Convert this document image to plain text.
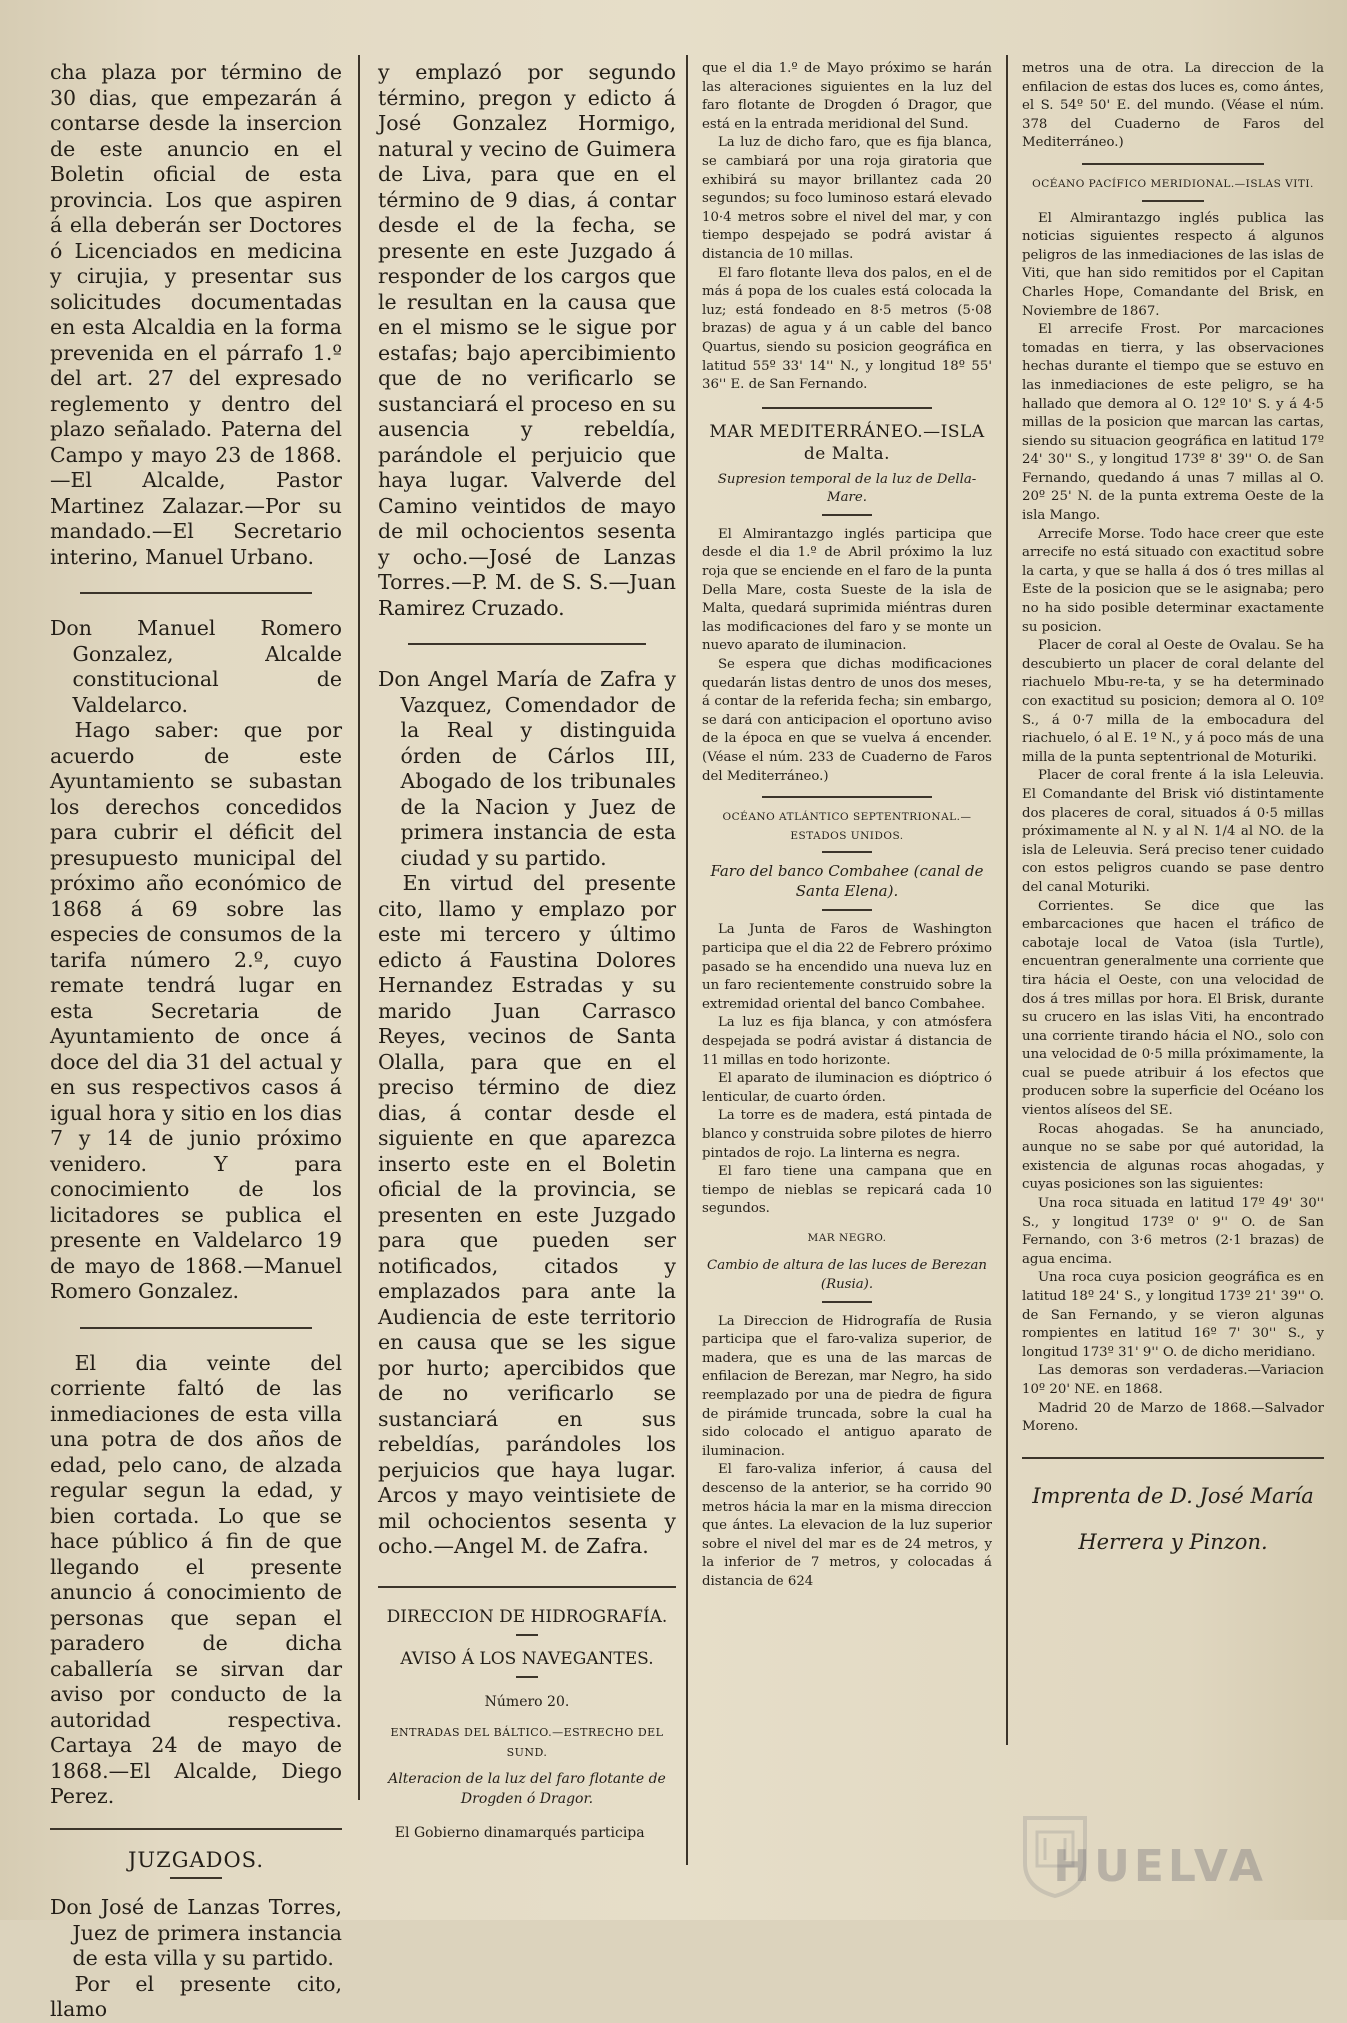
cha plaza por término de 30 dias, que empezarán á contarse desde la insercion de este anuncio en el Boletin oficial de esta provincia. Los que aspiren á ella deberán ser Doctores ó Licenciados en medicina y cirujia, y presentar sus solicitudes documentadas en esta Alcaldia en la forma prevenida en el párrafo 1.º del art. 27 del expresado reglemento y dentro del plazo señalado. Paterna del Campo y mayo 23 de 1868.—El Alcalde, Pastor Martinez Zalazar.—Por su mandado.—El Secretario interino, Manuel Urbano.

Don Manuel Romero Gonzalez, Alcalde constitucional de Valdelarco.

Hago saber: que por acuerdo de este Ayuntamiento se subastan los derechos concedidos para cubrir el déficit del presupuesto municipal del próximo año económico de 1868 á 69 sobre las especies de consumos de la tarifa número 2.º, cuyo remate tendrá lugar en esta Secretaria de Ayuntamiento de once á doce del dia 31 del actual y en sus respectivos casos á igual hora y sitio en los dias 7 y 14 de junio próximo venidero. Y para conocimiento de los licitadores se publica el presente en Valdelarco 19 de mayo de 1868.—Manuel Romero Gonzalez.

El dia veinte del corriente faltó de las inmediaciones de esta villa una potra de dos años de edad, pelo cano, de alzada regular segun la edad, y bien cortada. Lo que se hace público á fin de que llegando el presente anuncio á conocimiento de personas que sepan el paradero de dicha caballería se sirvan dar aviso por conducto de la autoridad respectiva. Cartaya 24 de mayo de 1868.—El Alcalde, Diego Perez.

JUZGADOS.

Don José de Lanzas Torres, Juez de primera instancia de esta villa y su partido.

Por el presente cito, llamo

y emplazó por segundo término, pregon y edicto á José Gonzalez Hormigo, natural y vecino de Guimera de Liva, para que en el término de 9 dias, á contar desde el de la fecha, se presente en este Juzgado á responder de los cargos que le resultan en la causa que en el mismo se le sigue por estafas; bajo apercibimiento que de no verificarlo se sustanciará el proceso en su ausencia y rebeldía, parándole el perjuicio que haya lugar. Valverde del Camino veintidos de mayo de mil ochocientos sesenta y ocho.—José de Lanzas Torres.—P. M. de S. S.—Juan Ramirez Cruzado.

Don Angel María de Zafra y Vazquez, Comendador de la Real y distinguida órden de Cárlos III, Abogado de los tribunales de la Nacion y Juez de primera instancia de esta ciudad y su partido.

En virtud del presente cito, llamo y emplazo por este mi tercero y último edicto á Faustina Dolores Hernandez Estradas y su marido Juan Carrasco Reyes, vecinos de Santa Olalla, para que en el preciso término de diez dias, á contar desde el siguiente en que aparezca inserto este en el Boletin oficial de la provincia, se presenten en este Juzgado para que pueden ser notificados, citados y emplazados para ante la Audiencia de este territorio en causa que se les sigue por hurto; apercibidos que de no verificarlo se sustanciará en sus rebeldías, parándoles los perjuicios que haya lugar. Arcos y mayo veintisiete de mil ochocientos sesenta y ocho.—Angel M. de Zafra.

DIRECCION DE HIDROGRAFÍA.

AVISO Á LOS NAVEGANTES.

Número 20.

ENTRADAS DEL BÁLTICO.—ESTRECHO DEL SUND.

Alteracion de la luz del faro flotante de Drogden ó Dragor.

El Gobierno dinamarqués participa

que el dia 1.º de Mayo próximo se harán las alteraciones siguientes en la luz del faro flotante de Drogden ó Dragor, que está en la entrada meridional del Sund.

La luz de dicho faro, que es fija blanca, se cambiará por una roja giratoria que exhibirá su mayor brillantez cada 20 segundos; su foco luminoso estará elevado 10·4 metros sobre el nivel del mar, y con tiempo despejado se podrá avistar á distancia de 10 millas.

El faro flotante lleva dos palos, en el de más á popa de los cuales está colocada la luz; está fondeado en 8·5 metros (5·08 brazas) de agua y á un cable del banco Quartus, siendo su posicion geográfica en latitud 55º 33' 14'' N., y longitud 18º 55' 36'' E. de San Fernando.

MAR MEDITERRÁNEO.—ISLA de Malta.

Supresion temporal de la luz de Della-Mare.

El Almirantazgo inglés participa que desde el dia 1.º de Abril próximo la luz roja que se enciende en el faro de la punta Della Mare, costa Sueste de la isla de Malta, quedará suprimida miéntras duren las modificaciones del faro y se monte un nuevo aparato de iluminacion.

Se espera que dichas modificaciones quedarán listas dentro de unos dos meses, á contar de la referida fecha; sin embargo, se dará con anticipacion el oportuno aviso de la época en que se vuelva á encender. (Véase el núm. 233 de Cuaderno de Faros del Mediterráneo.)

OCÉANO ATLÁNTICO SEPTENTRIONAL.—ESTADOS UNIDOS.

Faro del banco Combahee (canal de Santa Elena).

La Junta de Faros de Washington participa que el dia 22 de Febrero próximo pasado se ha encendido una nueva luz en un faro recientemente construido sobre la extremidad oriental del banco Combahee.

La luz es fija blanca, y con atmósfera despejada se podrá avistar á distancia de 11 millas en todo horizonte.

El aparato de iluminacion es dióptrico ó lenticular, de cuarto órden.

La torre es de madera, está pintada de blanco y construida sobre pilotes de hierro pintados de rojo. La linterna es negra.

El faro tiene una campana que en tiempo de nieblas se repicará cada 10 segundos.

MAR NEGRO.

Cambio de altura de las luces de Berezan (Rusia).

La Direccion de Hidrografía de Rusia participa que el faro-valiza superior, de madera, que es una de las marcas de enfilacion de Berezan, mar Negro, ha sido reemplazado por una de piedra de figura de pirámide truncada, sobre la cual ha sido colocado el antiguo aparato de iluminacion.

El faro-valiza inferior, á causa del descenso de la anterior, se ha corrido 90 metros hácia la mar en la misma direccion que ántes. La elevacion de la luz superior sobre el nivel del mar es de 24 metros, y la inferior de 7 metros, y colocadas á distancia de 624

metros una de otra. La direccion de la enfilacion de estas dos luces es, como ántes, el S. 54º 50' E. del mundo. (Véase el núm. 378 del Cuaderno de Faros del Mediterráneo.)

OCÉANO PACÍFICO MERIDIONAL.—ISLAS VITI.

El Almirantazgo inglés publica las noticias siguientes respecto á algunos peligros de las inmediaciones de las islas de Viti, que han sido remitidos por el Capitan Charles Hope, Comandante del Brisk, en Noviembre de 1867.

El arrecife Frost. Por marcaciones tomadas en tierra, y las observaciones hechas durante el tiempo que se estuvo en las inmediaciones de este peligro, se ha hallado que demora al O. 12º 10' S. y á 4·5 millas de la posicion que marcan las cartas, siendo su situacion geográfica en latitud 17º 24' 30'' S., y longitud 173º 8' 39'' O. de San Fernando, quedando á unas 7 millas al O. 20º 25' N. de la punta extrema Oeste de la isla Mango.

Arrecife Morse. Todo hace creer que este arrecife no está situado con exactitud sobre la carta, y que se halla á dos ó tres millas al Este de la posicion que se le asignaba; pero no ha sido posible determinar exactamente su posicion.

Placer de coral al Oeste de Ovalau. Se ha descubierto un placer de coral delante del riachuelo Mbu-re-ta, y se ha determinado con exactitud su posicion; demora al O. 10º S., á 0·7 milla de la embocadura del riachuelo, ó al E. 1º N., y á poco más de una milla de la punta septentrional de Moturiki.

Placer de coral frente á la isla Leleuvia. El Comandante del Brisk vió distintamente dos placeres de coral, situados á 0·5 millas próximamente al N. y al N. 1/4 al NO. de la isla de Leleuvia. Será preciso tener cuidado con estos peligros cuando se pase dentro del canal Moturiki.

Corrientes. Se dice que las embarcaciones que hacen el tráfico de cabotaje local de Vatoa (isla Turtle), encuentran generalmente una corriente que tira hácia el Oeste, con una velocidad de dos á tres millas por hora. El Brisk, durante su crucero en las islas Viti, ha encontrado una corriente tirando hácia el NO., solo con una velocidad de 0·5 milla próximamente, la cual se puede atribuir á los efectos que producen sobre la superficie del Océano los vientos alíseos del SE.

Rocas ahogadas. Se ha anunciado, aunque no se sabe por qué autoridad, la existencia de algunas rocas ahogadas, y cuyas posiciones son las siguientes:

Una roca situada en latitud 17º 49' 30'' S., y longitud 173º 0' 9'' O. de San Fernando, con 3·6 metros (2·1 brazas) de agua encima.

Una roca cuya posicion geográfica es en latitud 18º 24' S., y longitud 173º 21' 39'' O. de San Fernando, y se vieron algunas rompientes en latitud 16º 7' 30'' S., y longitud 173º 31' 9'' O. de dicho meridiano.

Las demoras son verdaderas.—Variacion 10º 20' NE. en 1868.

Madrid 20 de Marzo de 1868.—Salvador Moreno.

Imprenta de D. José María Herrera y Pinzon.

HUELVA
